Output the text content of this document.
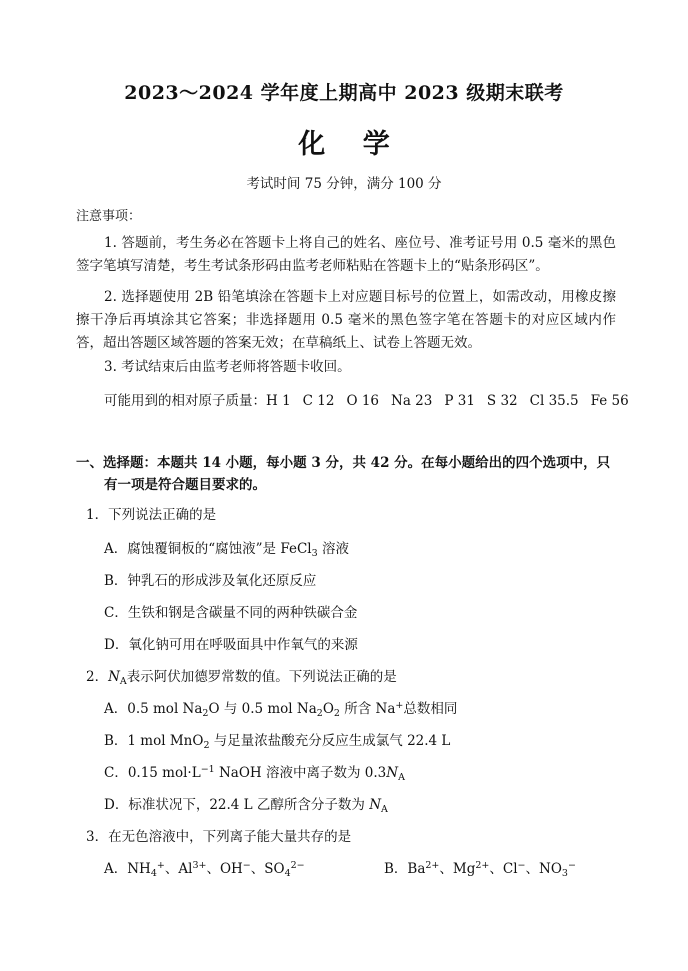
2023～2024 学年度上期高中 2023 级期末联考
化 学
考试时间 75 分钟，满分 100 分
注意事项：
1. 答题前，考生务必在答题卡上将自己的姓名、座位号、准考证号用 0.5 毫米的黑色签字笔填写清楚，考生考试条形码由监考老师粘贴在答题卡上的“贴条形码区”。
2. 选择题使用 2B 铅笔填涂在答题卡上对应题目标号的位置上，如需改动，用橡皮擦擦干净后再填涂其它答案；非选择题用 0.5 毫米的黑色签字笔在答题卡的对应区域内作答，超出答题区域答题的答案无效；在草稿纸上、试卷上答题无效。
3. 考试结束后由监考老师将答题卡收回。
可能用到的相对原子质量：H 1 C 12 O 16 Na 23 P 31 S 32 Cl 35.5 Fe 56
一、选择题：本题共 14 小题，每小题 3 分，共 42 分。在每小题给出的四个选项中，只
有一项是符合题目要求的。
1．下列说法正确的是
A．腐蚀覆铜板的“腐蚀液”是 FeCl$_3$ 溶液
B．钟乳石的形成涉及氧化还原反应
C．生铁和钢是含碳量不同的两种铁碳合金
D．氧化钠可用在呼吸面具中作氧气的来源
2．$N_A$表示阿伏加德罗常数的值。下列说法正确的是
A．0.5 mol $Na_2O$ 与 0.5 mol $Na_2O_2$ 所含 Na+总数相同
B．1 mol MnO$_2$ 与足量浓盐酸充分反应生成氯气 22.4 L
C．0.15 $mol\cdot L^{-1}$ NaOH 溶液中离子数为 $0.3N_A$
D．标准状况下，22.4 L 乙醇所含分子数为 $N_A$
3．在无色溶液中，下列离子能大量共存的是
A．$NH_4^+$、$Al^{3+}$、OH−、$SO_4^{2-}$	B．$Ba^{2+}$、$Mg^{2+}$、Cl−、$NO_3^-$
